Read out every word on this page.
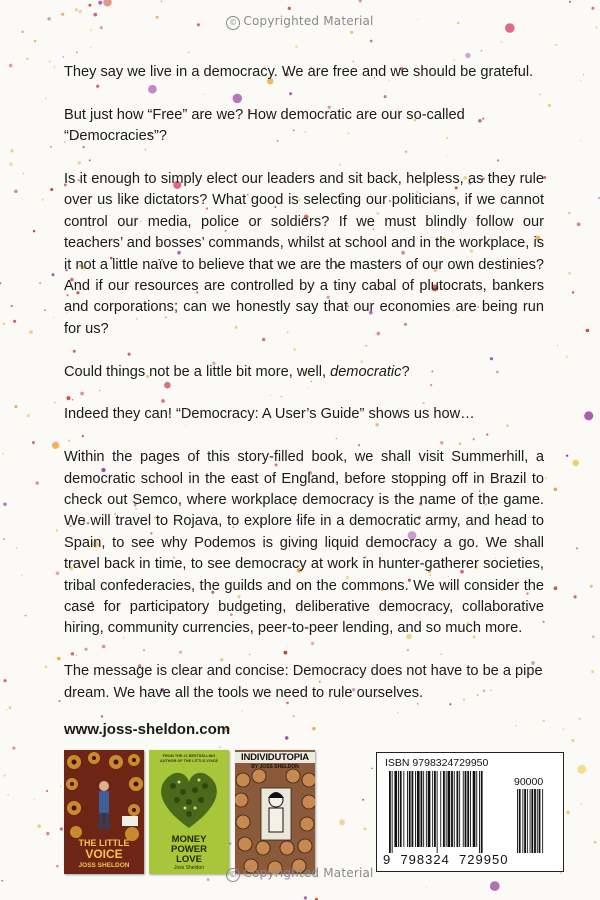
© Copyrighted Material

They say we live in a democracy. We are free and we should be grateful.

But just how “Free” are we? How democratic are our so-called “Democracies”?

Is it enough to simply elect our leaders and sit back, helpless, as they rule over us like dictators? What good is selecting our politicians, if we cannot control our media, police or soldiers? If we must blindly follow our teachers’ and bosses’ commands, whilst at school and in the workplace, is it not a little naïve to believe that we are the masters of our own destinies? And if our resources are controlled by a tiny cabal of plutocrats, bankers and corporations; can we honestly say that our economies are being run for us?

Could things not be a little bit more, well, democratic?

Indeed they can! “Democracy: A User’s Guide” shows us how…

Within the pages of this story-filled book, we shall visit Summerhill, a democratic school in the east of England, before stopping off in Brazil to check out Semco, where workplace democracy is the name of the game. We will travel to Rojava, to explore life in a democratic army, and head to Spain, to see why Podemos is giving liquid democracy a go. We shall travel back in time, to see democracy at work in hunter-gatherer societies, tribal confederacies, the guilds and on the commons. We will consider the case for participatory budgeting, deliberative democracy, collaborative hiring, community currencies, peer-to-peer lending, and so much more.

The message is clear and concise: Democracy does not have to be a pipe dream. We have all the tools we need to rule ourselves.

www.joss-sheldon.com
THE LITTLE
VOICE
JOSS SHELDON
FROM THE #1 BESTSELLING AUTHOR OF THE LITTLE VOICE
MONEY
POWER
LOVE
Joss Sheldon
INDIVIDUTOPIA
BY JOSS SHELDON	ISBN 9798324729950
90000
9  798324  729950
© Copyrighted Material
